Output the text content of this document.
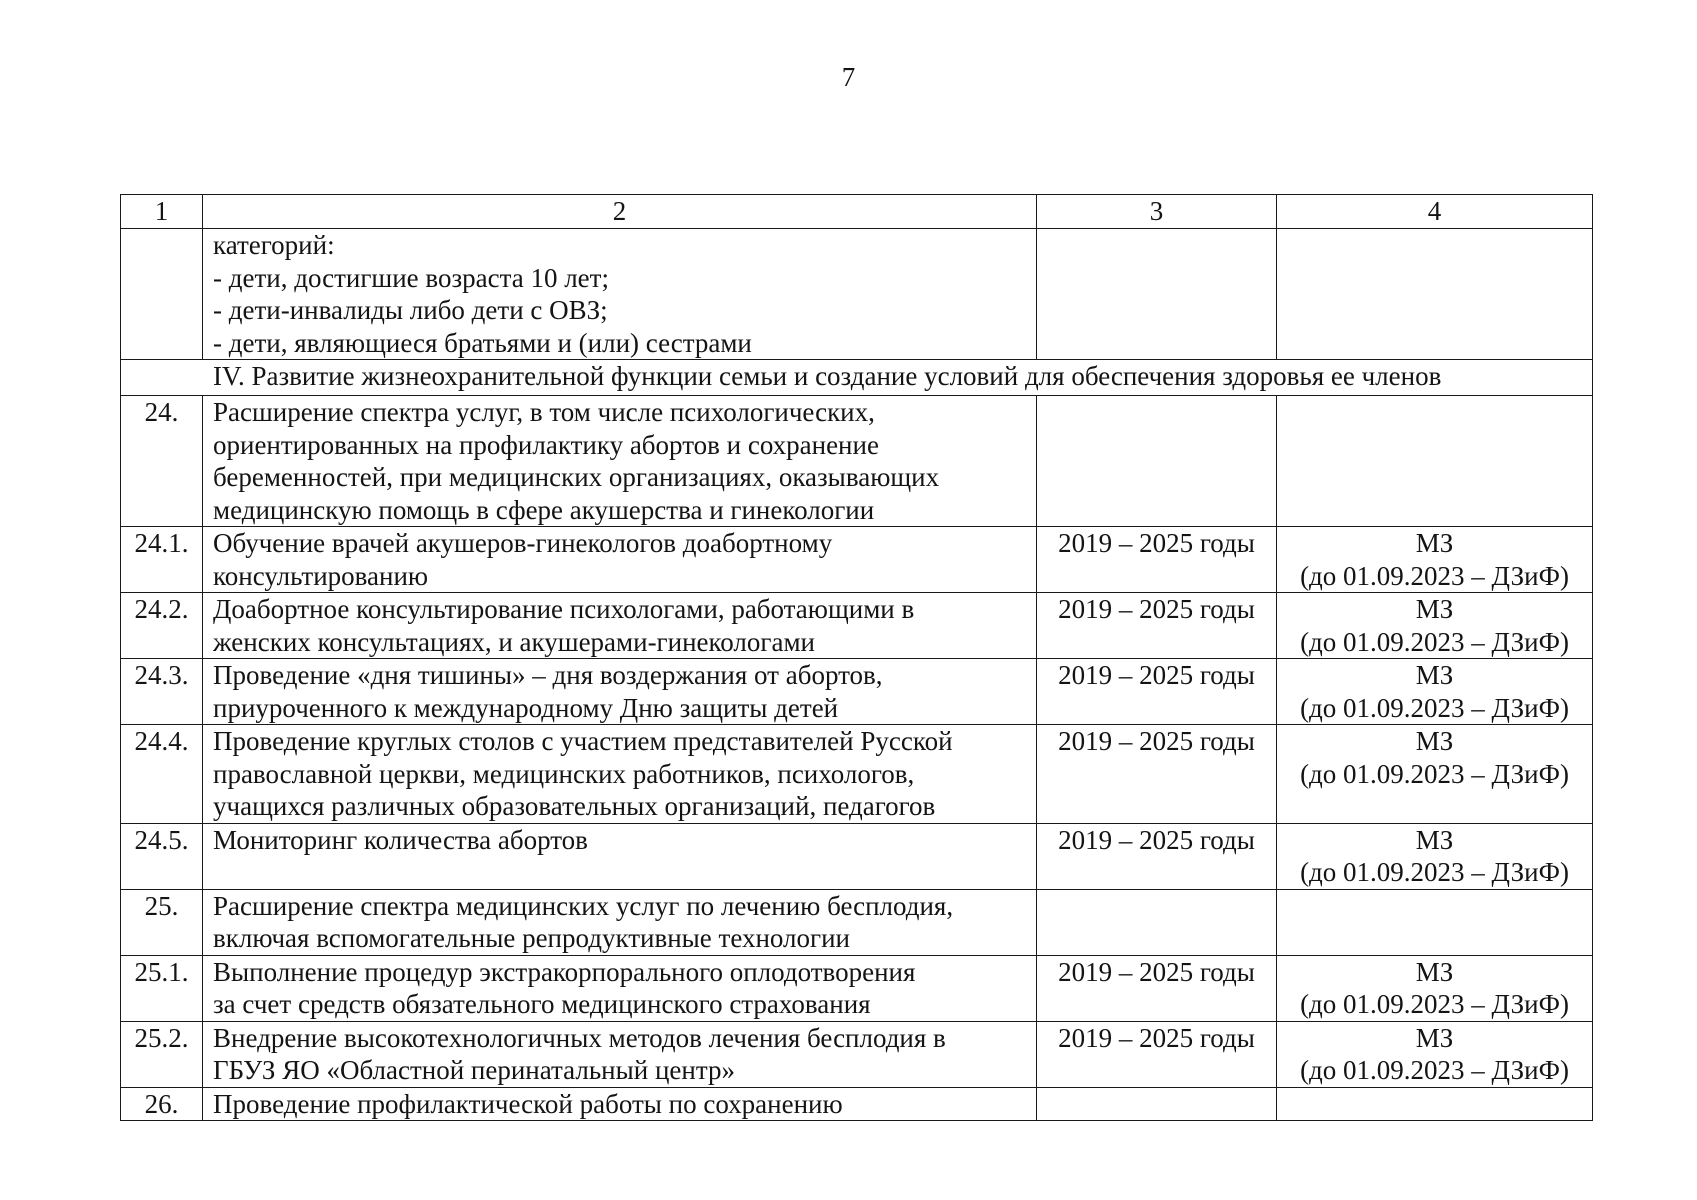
7
1	2	3	4

	категорий:
- дети, достигшие возраста 10 лет;
- дети-инвалиды либо дети с ОВЗ;
- дети, являющиеся братьями и (или) сестрами		

IV. Развитие жизнеохранительной функции семьи и создание условий для обеспечения здоровья ее членов			

24.	Расширение спектра услуг, в том числе психологических,
ориентированных на профилактику абортов и сохранение
беременностей, при медицинских организациях, оказывающих
медицинскую помощь в сфере акушерства и гинекологии		

24.1.	Обучение врачей акушеров-гинекологов доабортному
консультированию	2019 – 2025 годы	МЗ
(до 01.09.2023 – ДЗиФ)

24.2.	Доабортное консультирование психологами, работающими в
женских консультациях, и акушерами-гинекологами	2019 – 2025 годы	МЗ
(до 01.09.2023 – ДЗиФ)

24.3.	Проведение «дня тишины» – дня воздержания от абортов,
приуроченного к международному Дню защиты детей	2019 – 2025 годы	МЗ
(до 01.09.2023 – ДЗиФ)

24.4.	Проведение круглых столов с участием представителей Русской
православной церкви, медицинских работников, психологов,
учащихся различных образовательных организаций, педагогов	2019 – 2025 годы	МЗ
(до 01.09.2023 – ДЗиФ)

24.5.	Мониторинг количества абортов	2019 – 2025 годы	МЗ
(до 01.09.2023 – ДЗиФ)

25.	Расширение спектра медицинских услуг по лечению бесплодия,
включая вспомогательные репродуктивные технологии		

25.1.	Выполнение процедур экстракорпорального оплодотворения
за счет средств обязательного медицинского страхования	2019 – 2025 годы	МЗ
(до 01.09.2023 – ДЗиФ)

25.2.	Внедрение высокотехнологичных методов лечения бесплодия в
ГБУЗ ЯО «Областной перинатальный центр»	2019 – 2025 годы	МЗ
(до 01.09.2023 – ДЗиФ)

26.	Проведение профилактической работы по сохранению		
